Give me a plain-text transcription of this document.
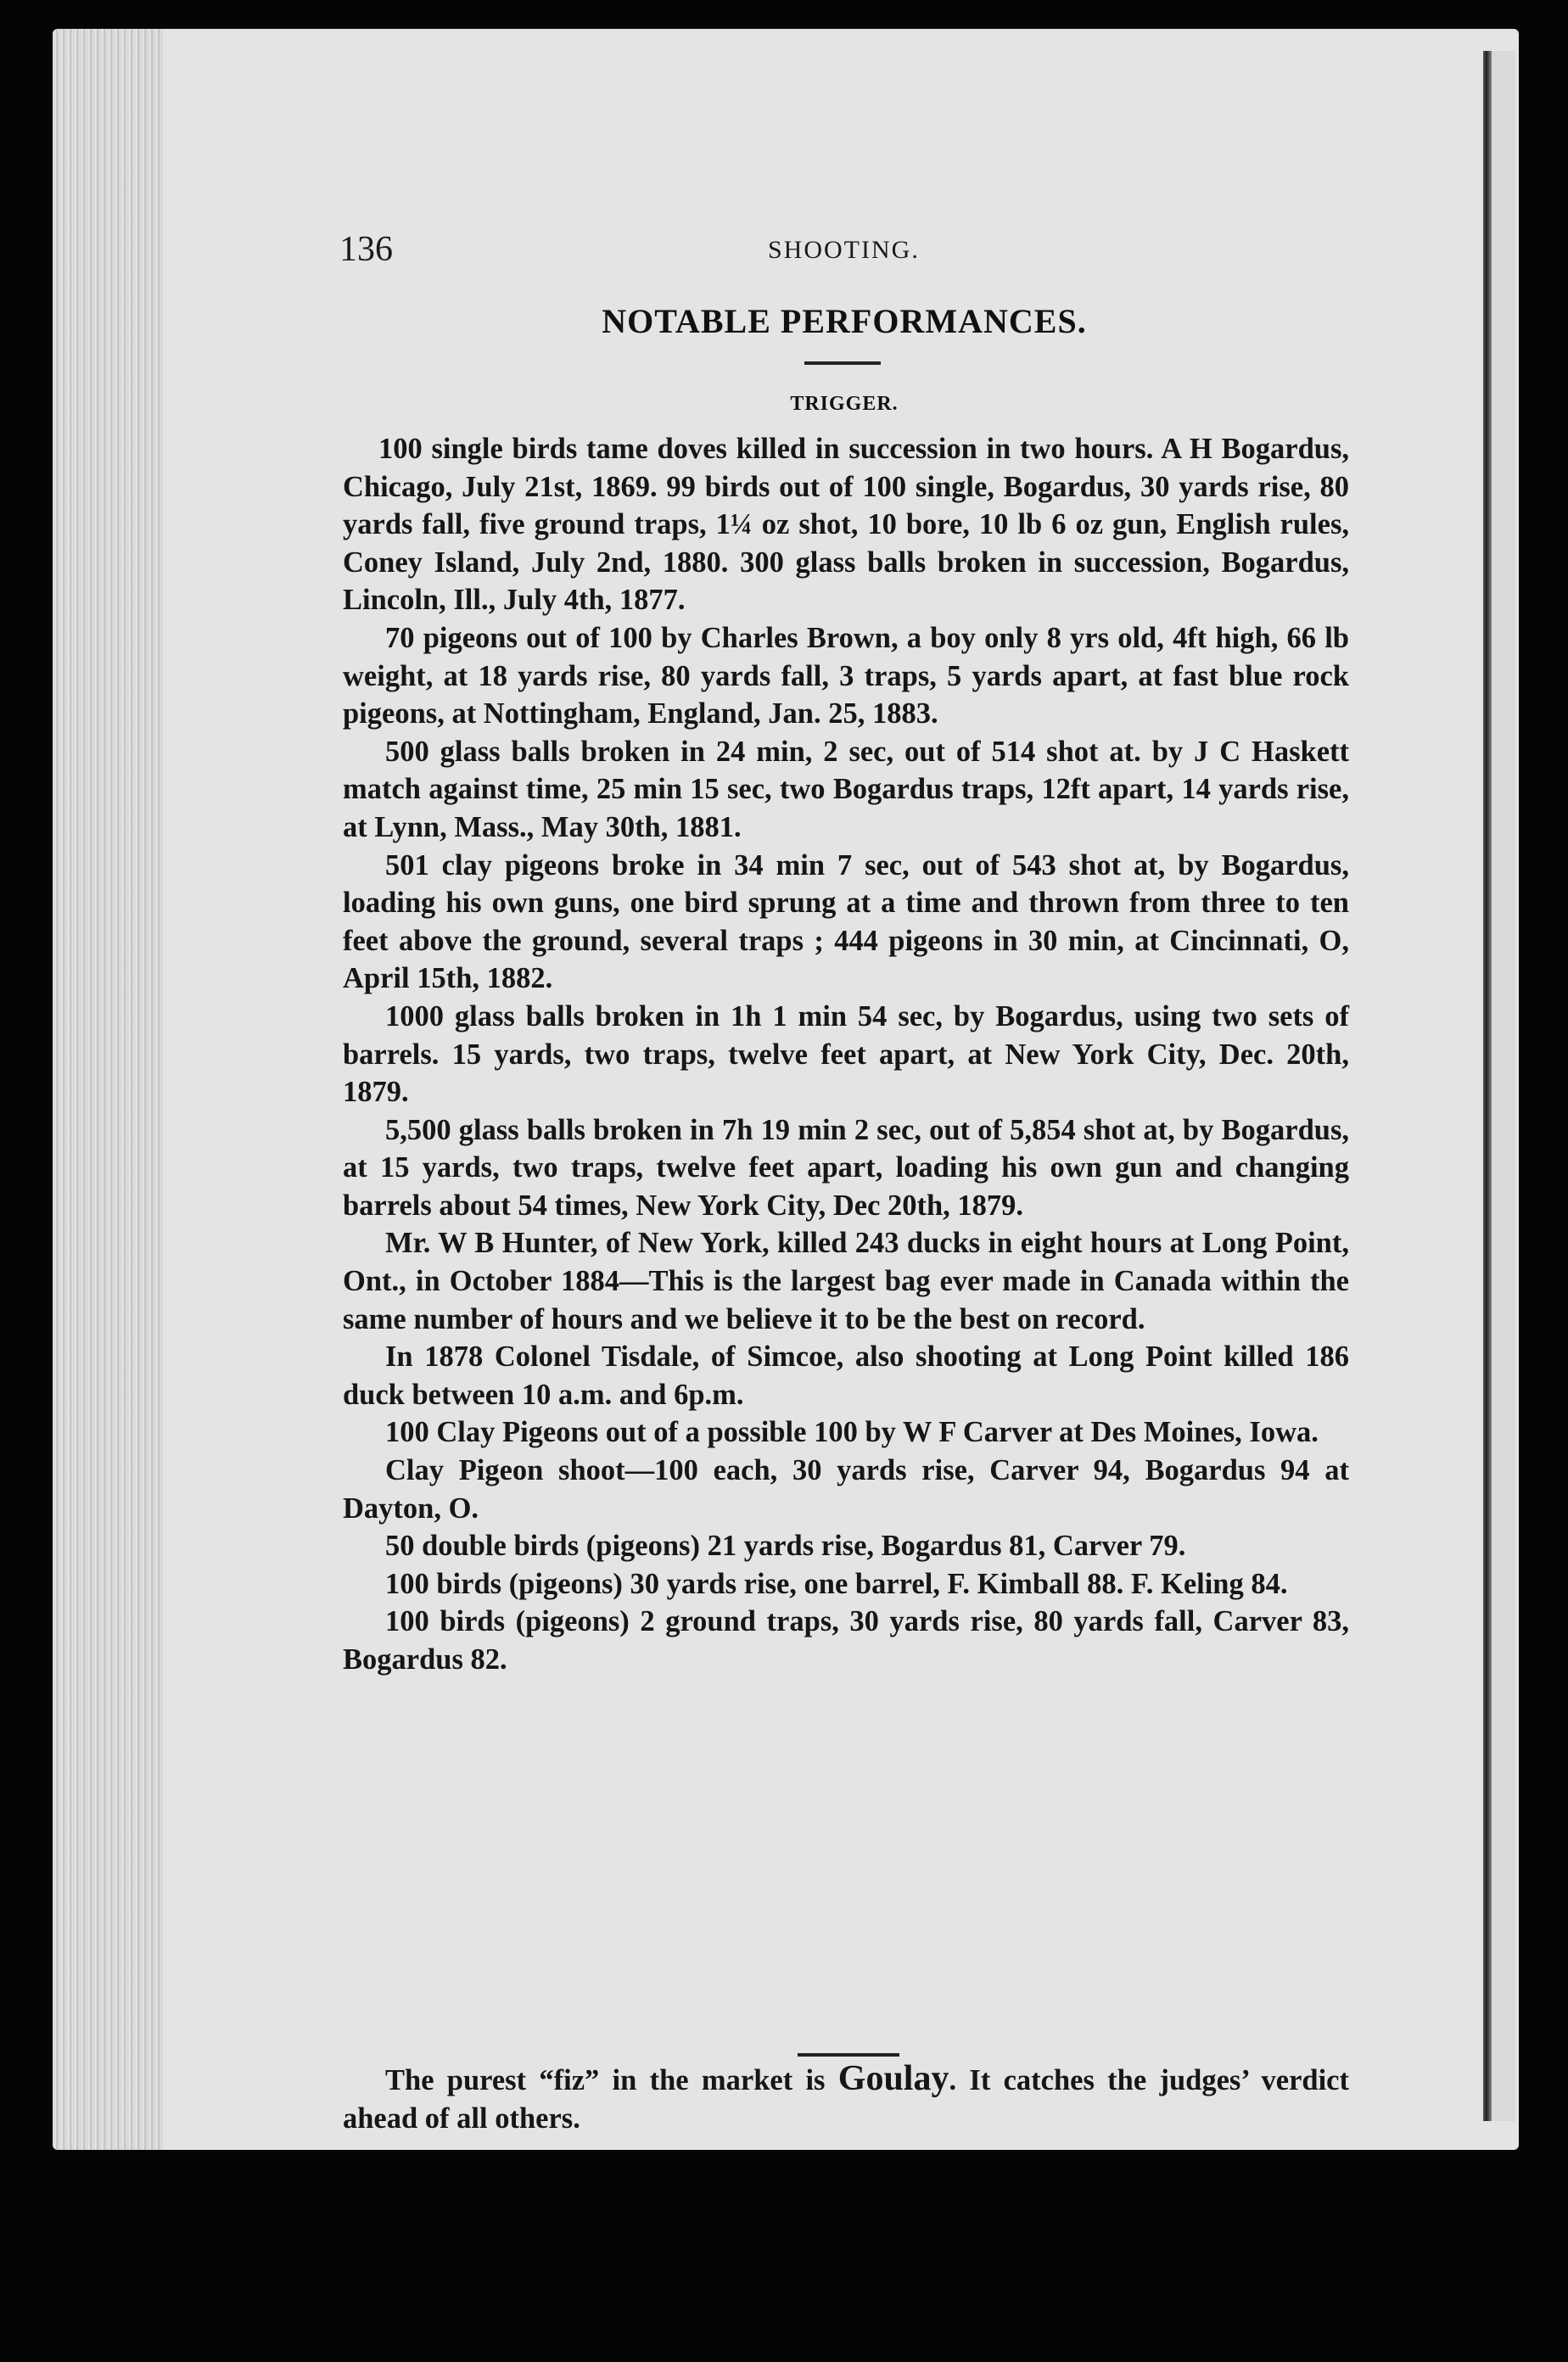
136	SHOOTING.
NOTABLE PERFORMANCES.
TRIGGER.

100 single birds tame doves killed in succession in two hours. A H Bogardus, Chicago, July 21st, 1869. 99 birds out of 100 single, Bogardus, 30 yards rise, 80 yards fall, five ground traps, 1¼ oz shot, 10 bore, 10 lb 6 oz gun, English rules, Coney Island, July 2nd, 1880. 300 glass balls broken in succession, Bogardus, Lincoln, Ill., July 4th, 1877.

70 pigeons out of 100 by Charles Brown, a boy only 8 yrs old, 4ft high, 66 lb weight, at 18 yards rise, 80 yards fall, 3 traps, 5 yards apart, at fast blue rock pigeons, at Nottingham, England, Jan. 25, 1883.

500 glass balls broken in 24 min, 2 sec, out of 514 shot at. by J C Haskett match against time, 25 min 15 sec, two Bogardus traps, 12ft apart, 14 yards rise, at Lynn, Mass., May 30th, 1881.

501 clay pigeons broke in 34 min 7 sec, out of 543 shot at, by Bogardus, loading his own guns, one bird sprung at a time and thrown from three to ten feet above the ground, several traps ; 444 pigeons in 30 min, at Cincinnati, O, April 15th, 1882.

1000 glass balls broken in 1h 1 min 54 sec, by Bogardus, using two sets of barrels. 15 yards, two traps, twelve feet apart, at New York City, Dec. 20th, 1879.

5,500 glass balls broken in 7h 19 min 2 sec, out of 5,854 shot at, by Bogardus, at 15 yards, two traps, twelve feet apart, loading his own gun and changing barrels about 54 times, New York City, Dec 20th, 1879.

Mr. W B Hunter, of New York, killed 243 ducks in eight hours at Long Point, Ont., in October 1884—This is the largest bag ever made in Canada within the same number of hours and we believe it to be the best on record.

In 1878 Colonel Tisdale, of Simcoe, also shooting at Long Point killed 186 duck between 10 a.m. and 6p.m.

100 Clay Pigeons out of a possible 100 by W F Carver at Des Moines, Iowa.

Clay Pigeon shoot—100 each, 30 yards rise, Carver 94, Bogardus 94 at Dayton, O.

50 double birds (pigeons) 21 yards rise, Bogardus 81, Carver 79.

100 birds (pigeons) 30 yards rise, one barrel, F. Kimball 88. F. Keling 84.

100 birds (pigeons) 2 ground traps, 30 yards rise, 80 yards fall, Carver 83, Bogardus 82.

The purest “fiz” in the market is Goulay. It catches the judges’ verdict ahead of all others.
